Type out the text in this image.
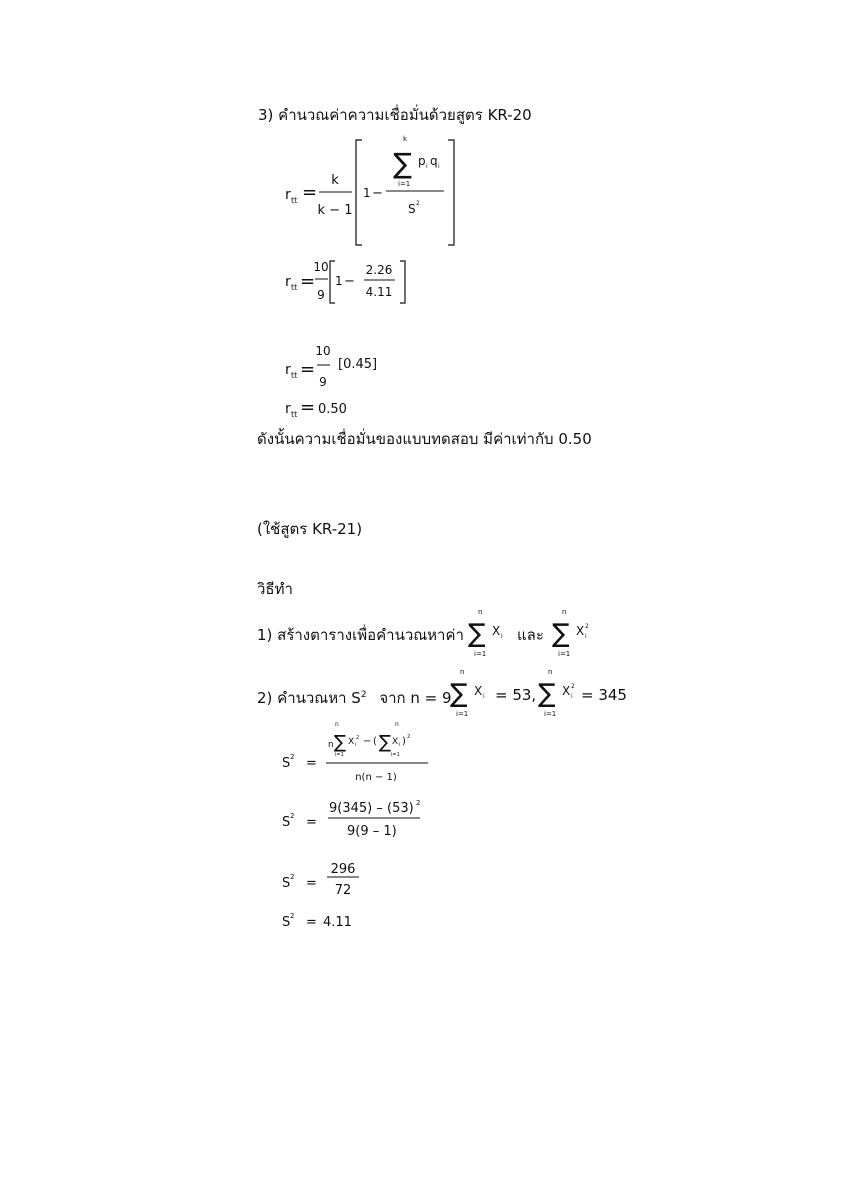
3) คำนวณค่าความเชื่อมั่นด้วยสูตร KR-20
r tt =
k
k − 1
1 −
k
∑
i=1
p i q i
S 2
r tt =
10
9
1 −
2.26
4.11
r tt =
10
9
[0.45]
r tt = 0.50
ดังนั้นความเชื่อมั่นของแบบทดสอบ มีค่าเท่ากับ 0.50
(ใช้สูตร KR-21)
วิธีทำ
1) สร้างตารางเพื่อคำนวณหาค่า
n
∑
i=1
X i และ
n
∑
i=1
X i
2
2) คำนวณหา $S^2$ จาก n = 9,
n
∑
i=1
X i = 53,
n
∑
i=1
X i
2 = 345
S 2 =
n
n
∑
i=1
X i
2 − (
n
∑
i=1
X i ) 2
n(n − 1)
S 2 =
9(345) – (53) 2
9(9 – 1)
S 2 =
296
72
S 2 = 4.11
